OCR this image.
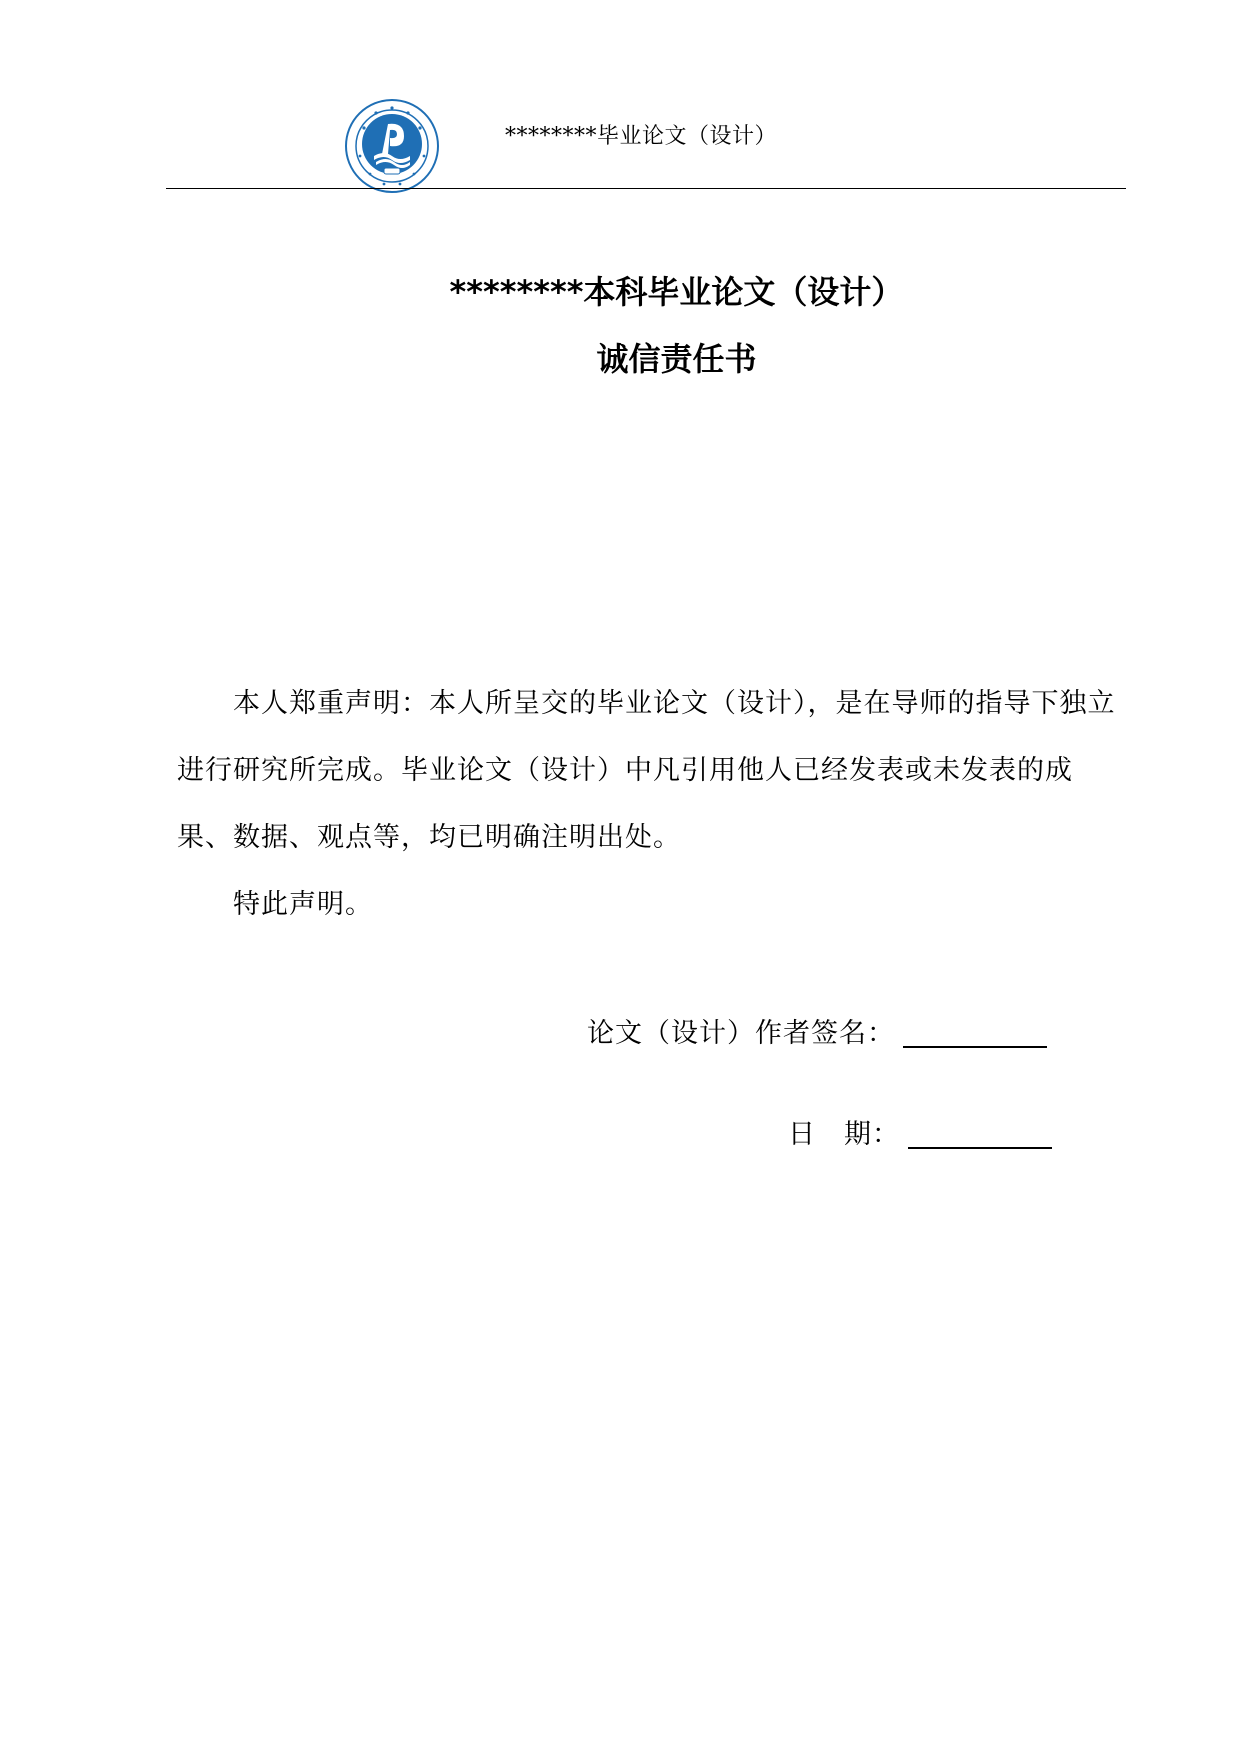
********毕业论文（设计）
********本科毕业论文（设计）
诚信责任书

本人郑重声明：本人所呈交的毕业论文（设计），是在导师的指导下独立进行研究所完成。毕业论文（设计）中凡引用他人已经发表或未发表的成果、数据、观点等，均已明确注明出处。

特此声明。

论文（设计）作者签名：
日　期：
